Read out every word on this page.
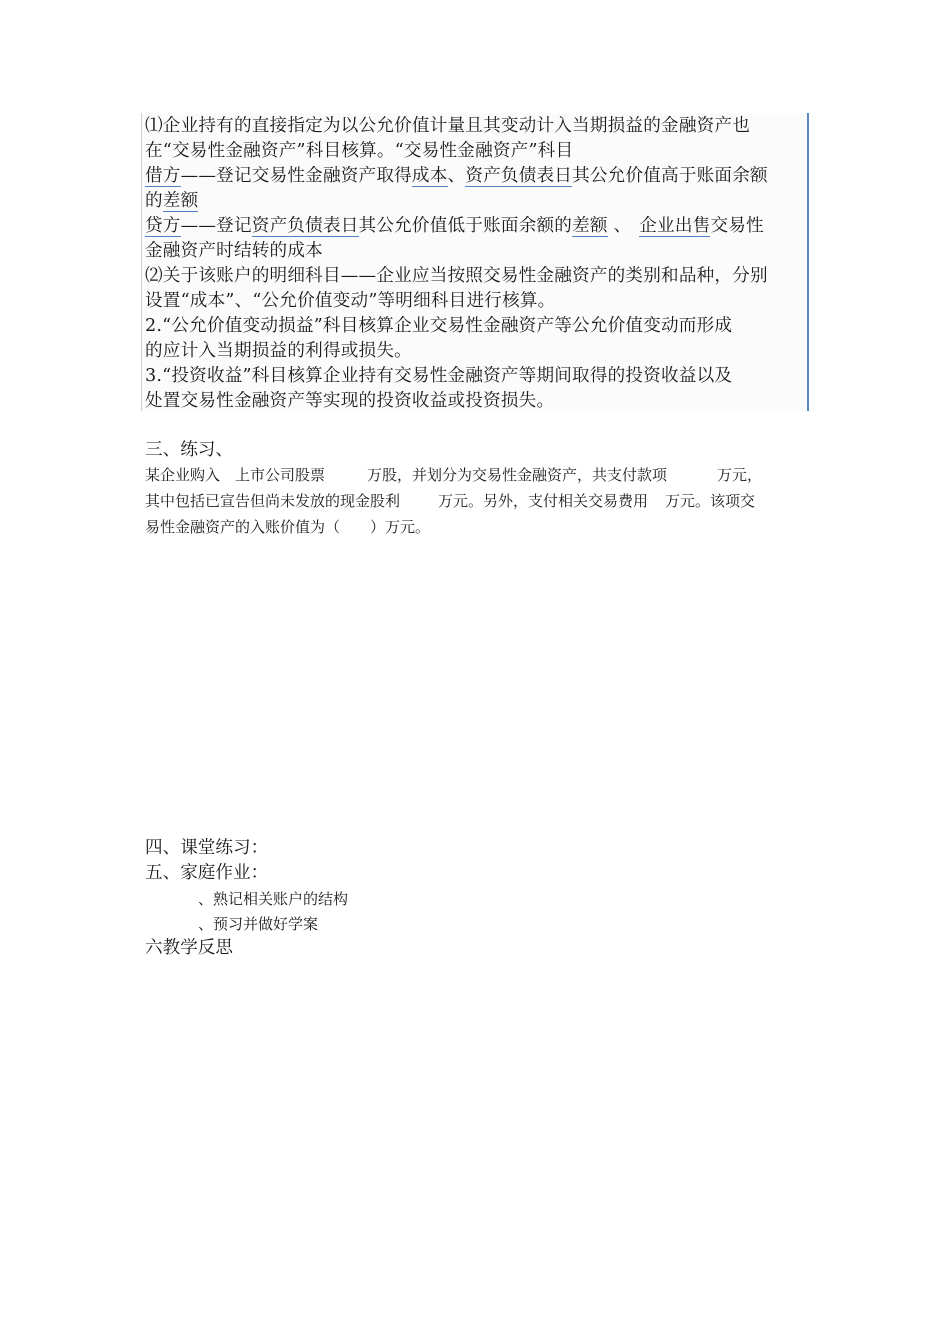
⑴企业持有的直接指定为以公允价值计量且其变动计入当期损益的金融资产也
在“交易性金融资产”科目核算。“交易性金融资产”科目
借方——登记交易性金融资产取得成本、资产负债表日其公允价值高于账面余额
的差额
贷方——登记资产负债表日其公允价值低于账面余额的差额 、 企业出售交易性
金融资产时结转的成本
⑵关于该账户的明细科目——企业应当按照交易性金融资产的类别和品种，分别
设置“成本”、“公允价值变动”等明细科目进行核算。
2.“公允价值变动损益”科目核算企业交易性金融资产等公允价值变动而形成
的应计入当期损益的利得或损失。
3.“投资收益”科目核算企业持有交易性金融资产等期间取得的投资收益以及
处置交易性金融资产等实现的投资收益或投资损失。
三、练习、
某企业购入 上市公司股票	万股，并划分为交易性金融资产，共支付款项	万元，
其中包括已宣告但尚未发放的现金股利	万元。另外，支付相关交易费用 万元。该项交
易性金融资产的入账价值为（　　）万元。
四、课堂练习：
五、家庭作业：
、熟记相关账户的结构
、预习并做好学案
六教学反思
